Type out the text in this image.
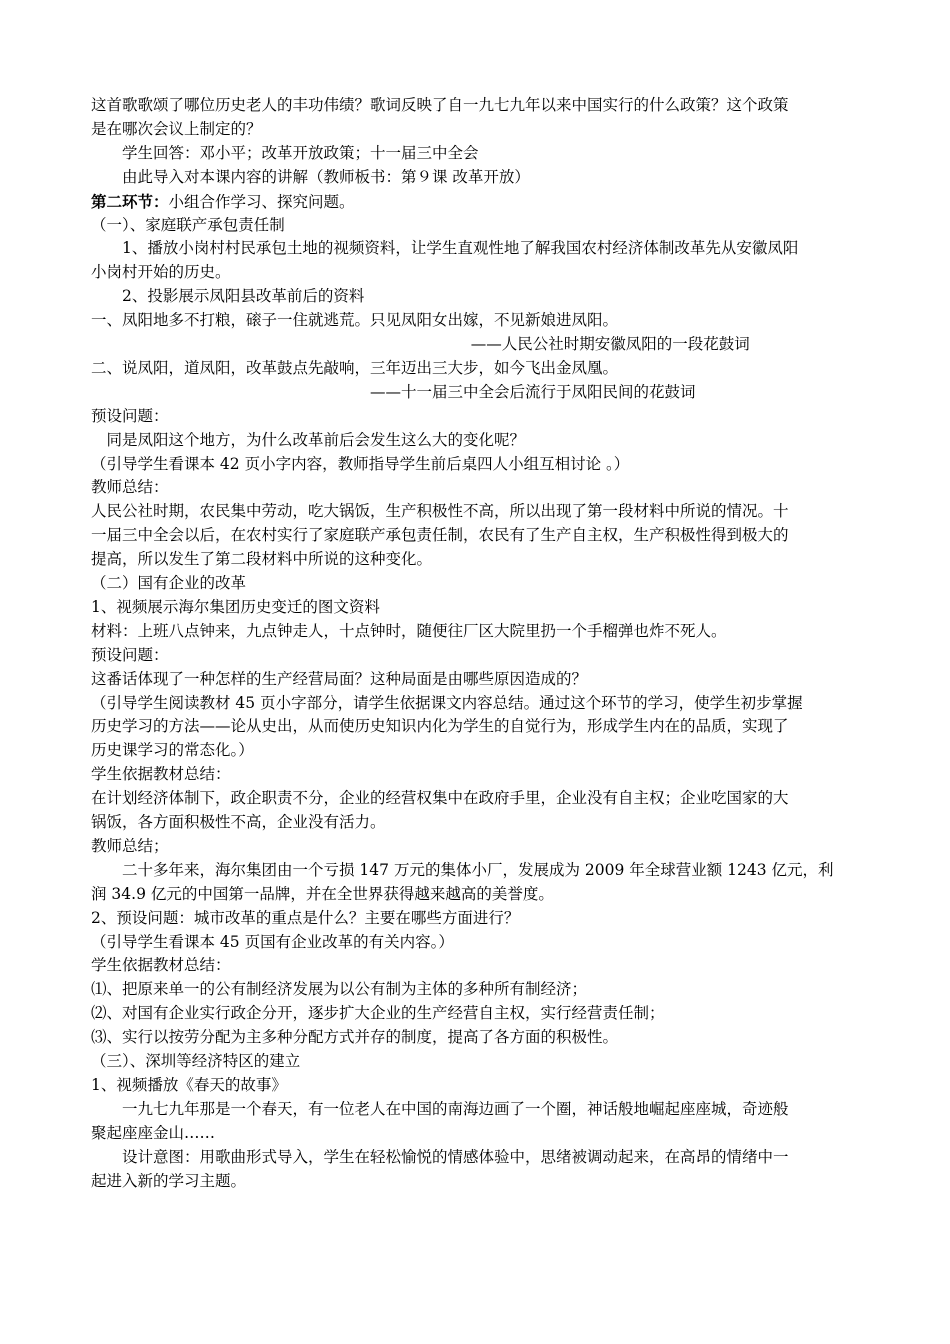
这首歌歌颂了哪位历史老人的丰功伟绩？歌词反映了自一九七九年以来中国实行的什么政策？这个政策
是在哪次会议上制定的？
学生回答：邓小平；改革开放政策；十一届三中全会
由此导入对本课内容的讲解（教师板书：第９课 改革开放）
第二环节：小组合作学习、探究问题。
（一）、家庭联产承包责任制
1、播放小岗村村民承包土地的视频资料，让学生直观性地了解我国农村经济体制改革先从安徽凤阳
小岗村开始的历史。
2、投影展示凤阳县改革前后的资料
一、凤阳地多不打粮，磙子一住就逃荒。只见凤阳女出嫁，不见新娘进凤阳。
——人民公社时期安徽凤阳的一段花鼓词
二、说凤阳，道凤阳，改革鼓点先敲响，三年迈出三大步，如今飞出金凤凰。
——十一届三中全会后流行于凤阳民间的花鼓词
预设问题：
同是凤阳这个地方，为什么改革前后会发生这么大的变化呢？
（引导学生看课本 42 页小字内容，教师指导学生前后桌四人小组互相讨论 。）
教师总结：
人民公社时期，农民集中劳动，吃大锅饭，生产积极性不高，所以出现了第一段材料中所说的情况。十
一届三中全会以后，在农村实行了家庭联产承包责任制，农民有了生产自主权，生产积极性得到极大的
提高，所以发生了第二段材料中所说的这种变化。
（二）国有企业的改革
1、视频展示海尔集团历史变迁的图文资料
材料：上班八点钟来，九点钟走人，十点钟时，随便往厂区大院里扔一个手榴弹也炸不死人。
预设问题：
这番话体现了一种怎样的生产经营局面？这种局面是由哪些原因造成的？
（引导学生阅读教材 45 页小字部分，请学生依据课文内容总结。通过这个环节的学习，使学生初步掌握
历史学习的方法——论从史出，从而使历史知识内化为学生的自觉行为，形成学生内在的品质，实现了
历史课学习的常态化。）
学生依据教材总结：
在计划经济体制下，政企职责不分，企业的经营权集中在政府手里，企业没有自主权；企业吃国家的大
锅饭，各方面积极性不高，企业没有活力。
教师总结；
二十多年来，海尔集团由一个亏损 147 万元的集体小厂，发展成为 2009 年全球营业额 1243 亿元，利
润 34.9 亿元的中国第一品牌，并在全世界获得越来越高的美誉度。
2、预设问题：城市改革的重点是什么？主要在哪些方面进行？
（引导学生看课本 45 页国有企业改革的有关内容。）
学生依据教材总结：
⑴、把原来单一的公有制经济发展为以公有制为主体的多种所有制经济；
⑵、对国有企业实行政企分开，逐步扩大企业的生产经营自主权，实行经营责任制；
⑶、实行以按劳分配为主多种分配方式并存的制度，提高了各方面的积极性。
（三）、深圳等经济特区的建立
1、视频播放《春天的故事》
一九七九年那是一个春天，有一位老人在中国的南海边画了一个圈，神话般地崛起座座城，奇迹般
聚起座座金山……
设计意图：用歌曲形式导入，学生在轻松愉悦的情感体验中，思绪被调动起来，在高昂的情绪中一
起进入新的学习主题。
